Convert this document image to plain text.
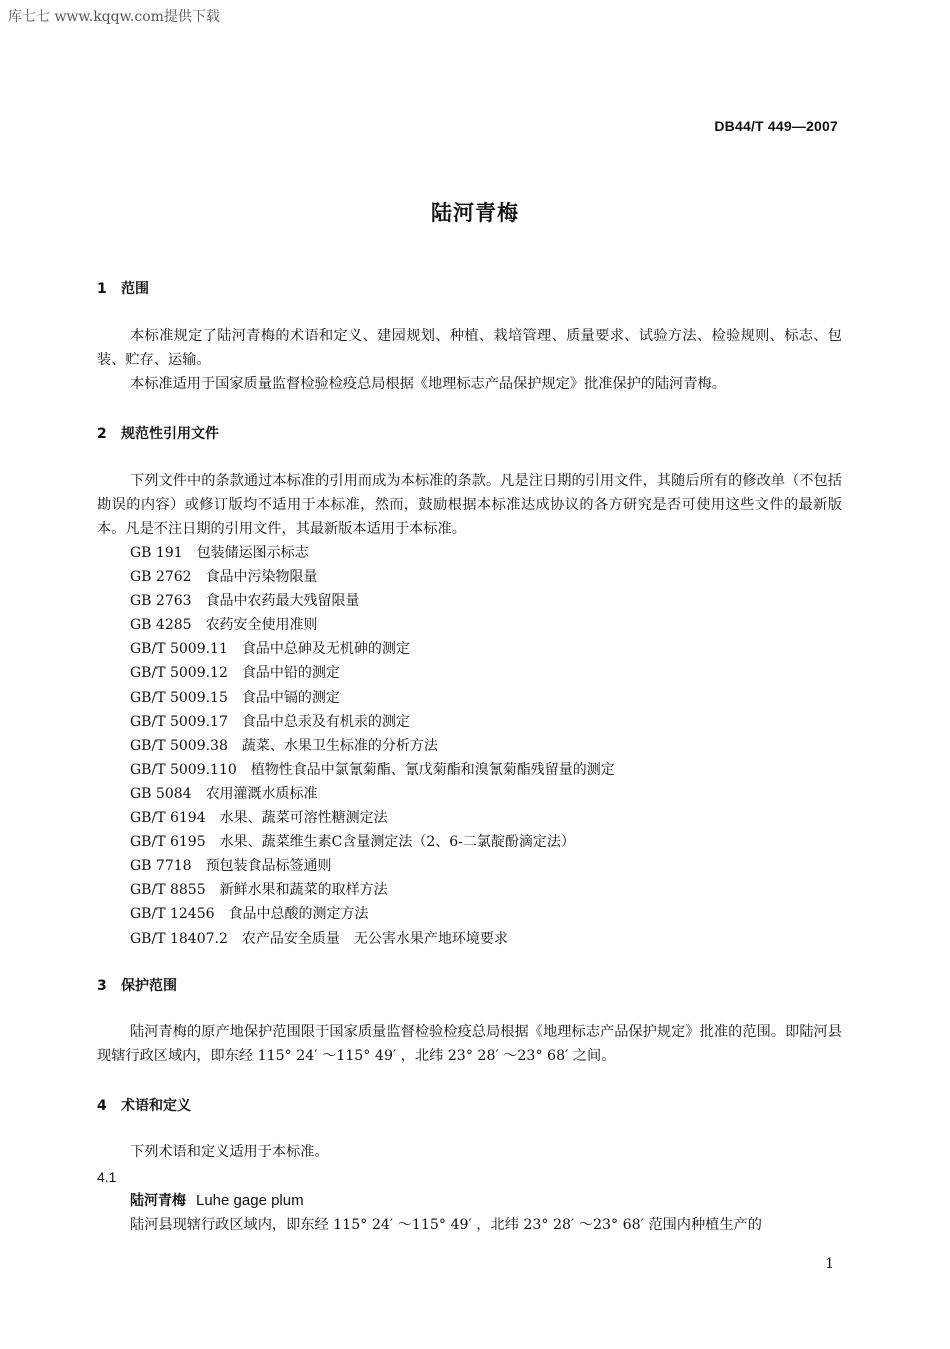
库七七 www.kqqw.com提供下载
DB44/T 449—2007
陆河青梅
1 范围
本标准规定了陆河青梅的术语和定义、建园规划、种植、栽培管理、质量要求、试验方法、检验规则、标志、包装、贮存、运输。
本标准适用于国家质量监督检验检疫总局根据《地理标志产品保护规定》批准保护的陆河青梅。
2 规范性引用文件
下列文件中的条款通过本标准的引用而成为本标准的条款。凡是注日期的引用文件，其随后所有的修改单（不包括勘误的内容）或修订版均不适用于本标准，然而，鼓励根据本标准达成协议的各方研究是否可使用这些文件的最新版本。凡是不注日期的引用文件，其最新版本适用于本标准。
GB 191 包装储运图示标志
GB 2762 食品中污染物限量
GB 2763 食品中农药最大残留限量
GB 4285 农药安全使用准则
GB/T 5009.11 食品中总砷及无机砷的测定
GB/T 5009.12 食品中铅的测定
GB/T 5009.15 食品中镉的测定
GB/T 5009.17 食品中总汞及有机汞的测定
GB/T 5009.38 蔬菜、水果卫生标准的分析方法
GB/T 5009.110 植物性食品中氯氰菊酯、氰戊菊酯和溴氰菊酯残留量的测定
GB 5084 农用灌溉水质标准
GB/T 6194 水果、蔬菜可溶性糖测定法
GB/T 6195 水果、蔬菜维生素C含量测定法（2、6-二氯靛酚滴定法）
GB 7718 预包装食品标签通则
GB/T 8855 新鲜水果和蔬菜的取样方法
GB/T 12456 食品中总酸的测定方法
GB/T 18407.2 农产品安全质量　无公害水果产地环境要求
3 保护范围
陆河青梅的原产地保护范围限于国家质量监督检验检疫总局根据《地理标志产品保护规定》批准的范围。即陆河县现辖行政区域内，即东经 115° 24′ ～115° 49′ ，北纬 23° 28′ ～23° 68′ 之间。
4 术语和定义
下列术语和定义适用于本标准。
4.1
陆河青梅 Luhe gage plum
陆河县现辖行政区域内，即东经 115° 24′ ～115° 49′ ，北纬 23° 28′ ～23° 68′ 范围内种植生产的
1
